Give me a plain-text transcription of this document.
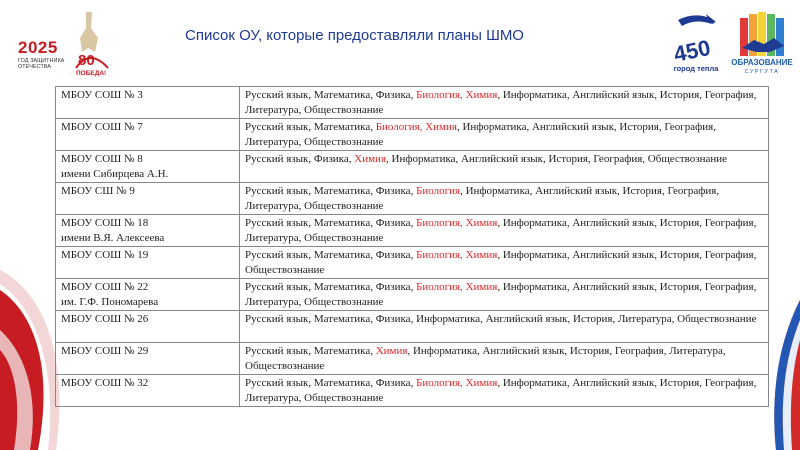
2025
ГОД ЗАЩИТНИКА ОТЕЧЕСТВА	80
ПОБЕДА!
Список ОУ, которые предоставляли планы ШМО	450
город тепла
ОБРАЗОВАНИЕ
СУРГУТА
МБОУ СОШ № 3	Русский язык, Математика, Физика, Биология, Химия, Информатика, Английский язык, История, География, Литература, Обществознание

МБОУ СОШ № 7	Русский язык, Математика, Биология, Химия, Информатика, Английский язык, История, География, Литература, Обществознание

МБОУ СОШ № 8
имени Сибирцева А.Н.	Русский язык, Физика, Химия, Информатика, Английский язык, История, География, Обществознание

МБОУ СШ № 9	Русский язык, Математика, Физика, Биология, Информатика, Английский язык, История, География, Литература, Обществознание

МБОУ СОШ № 18
имени В.Я. Алексеева	Русский язык, Математика, Физика, Биология, Химия, Информатика, Английский язык, История, География, Литература, Обществознание

МБОУ СОШ № 19	Русский язык, Математика, Физика, Биология, Химия, Информатика, Английский язык, История, География, Обществознание

МБОУ СОШ № 22
им. Г.Ф. Пономарева	Русский язык, Математика, Физика, Биология, Химия, Информатика, Английский язык, История, География, Литература, Обществознание

МБОУ СОШ № 26	Русский язык, Математика, Физика, Информатика, Английский язык, История, Литература, Обществознание

МБОУ СОШ № 29	Русский язык, Математика, Химия, Информатика, Английский язык, История, География, Литература, Обществознание

МБОУ СОШ № 32	Русский язык, Математика, Физика, Биология, Химия, Информатика, Английский язык, История, География, Литература, Обществознание
